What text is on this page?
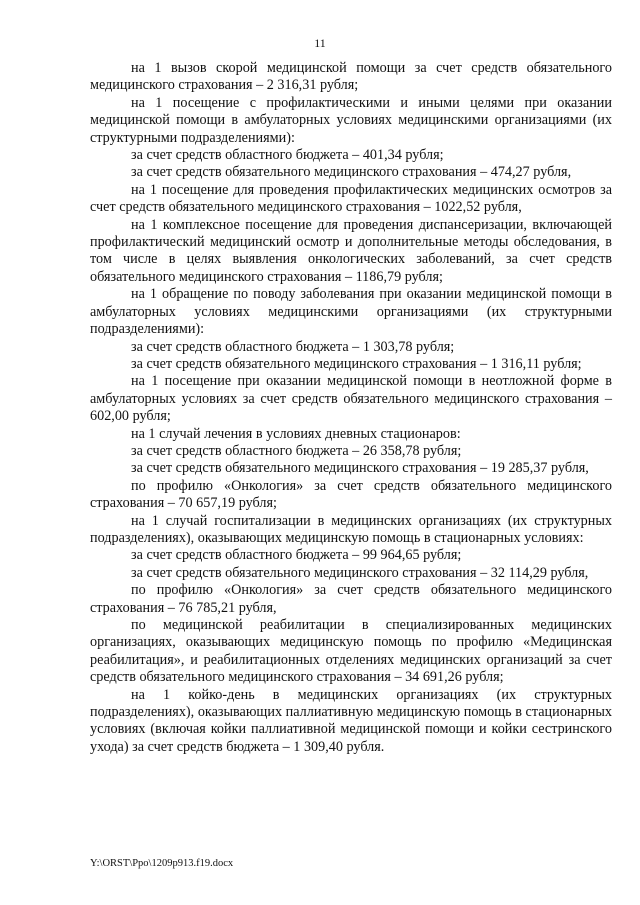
11

на 1 вызов скорой медицинской помощи за счет средств обязательного медицинского страхования – 2 316,31 рубля;

на 1 посещение с профилактическими и иными целями при оказании медицинской помощи в амбулаторных условиях медицинскими организациями (их структурными подразделениями):

за счет средств областного бюджета – 401,34 рубля;

за счет средств обязательного медицинского страхования – 474,27 рубля,

на 1 посещение для проведения профилактических медицинских осмотров за счет средств обязательного медицинского страхования – 1022,52 рубля,

на 1 комплексное посещение для проведения диспансеризации, включающей профилактический медицинский осмотр и дополнительные методы обследования, в том числе в целях выявления онкологических заболеваний, за счет средств обязательного медицинского страхования – 1186,79 рубля;

на 1 обращение по поводу заболевания при оказании медицинской помощи в амбулаторных условиях медицинскими организациями (их структурными подразделениями):

за счет средств областного бюджета – 1 303,78 рубля;

за счет средств обязательного медицинского страхования – 1 316,11 рубля;

на 1 посещение при оказании медицинской помощи в неотложной форме в амбулаторных условиях за счет средств обязательного медицинского страхования – 602,00 рубля;

на 1 случай лечения в условиях дневных стационаров:

за счет средств областного бюджета – 26 358,78 рубля;

за счет средств обязательного медицинского страхования – 19 285,37 рубля,

по профилю «Онкология» за счет средств обязательного медицинского страхования – 70 657,19 рубля;

на 1 случай госпитализации в медицинских организациях (их структурных подразделениях), оказывающих медицинскую помощь в стационарных условиях:

за счет средств областного бюджета – 99 964,65 рубля;

за счет средств обязательного медицинского страхования – 32 114,29 рубля,

по профилю «Онкология» за счет средств обязательного медицинского страхования – 76 785,21 рубля,

по медицинской реабилитации в специализированных медицинских организациях, оказывающих медицинскую помощь по профилю «Медицинская реабилитация», и реабилитационных отделениях медицинских организаций за счет средств обязательного медицинского страхования – 34 691,26 рубля;

на 1 койко-день в медицинских организациях (их структурных подразделениях), оказывающих паллиативную медицинскую помощь в стационарных условиях (включая койки паллиативной медицинской помощи и койки сестринского ухода) за счет средств бюджета – 1 309,40 рубля.

Y:\ORST\Ppo\1209p913.f19.docx
